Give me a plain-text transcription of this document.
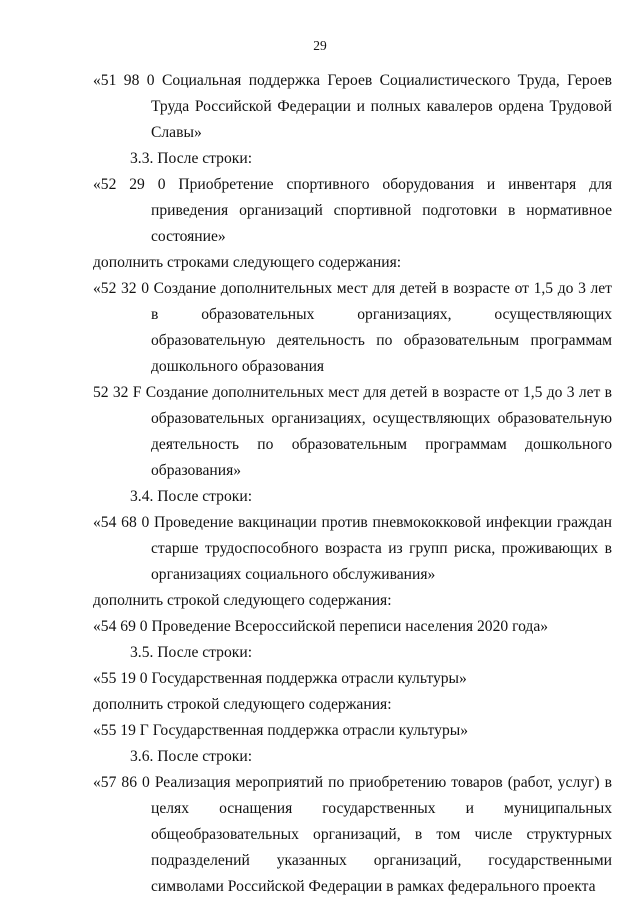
29
«51 98 0 Социальная поддержка Героев Социалистического Труда, Героев Труда Российской Федерации и полных кавалеров ордена Трудовой Славы»
3.3. После строки:
«52 29 0 Приобретение спортивного оборудования и инвентаря для приведения организаций спортивной подготовки в нормативное состояние»
дополнить строками следующего содержания:
«52 32 0 Создание дополнительных мест для детей в возрасте от 1,5 до 3 лет в образовательных организациях, осуществляющих образовательную деятельность по образовательным программам дошкольного образования
52 32 F Создание дополнительных мест для детей в возрасте от 1,5 до 3 лет в образовательных организациях, осуществляющих образовательную деятельность по образовательным программам дошкольного образования»
3.4. После строки:
«54 68 0 Проведение вакцинации против пневмококковой инфекции граждан старше трудоспособного возраста из групп риска, проживающих в организациях социального обслуживания»
дополнить строкой следующего содержания:
«54 69 0 Проведение Всероссийской переписи населения 2020 года»
3.5. После строки:
«55 19 0 Государственная поддержка отрасли культуры»
дополнить строкой следующего содержания:
«55 19 Г Государственная поддержка отрасли культуры»
3.6. После строки:
«57 86 0 Реализация мероприятий по приобретению товаров (работ, услуг) в целях оснащения государственных и муниципальных общеобразовательных организаций, в том числе структурных подразделений указанных организаций, государственными символами Российской Федерации в рамках федерального проекта
